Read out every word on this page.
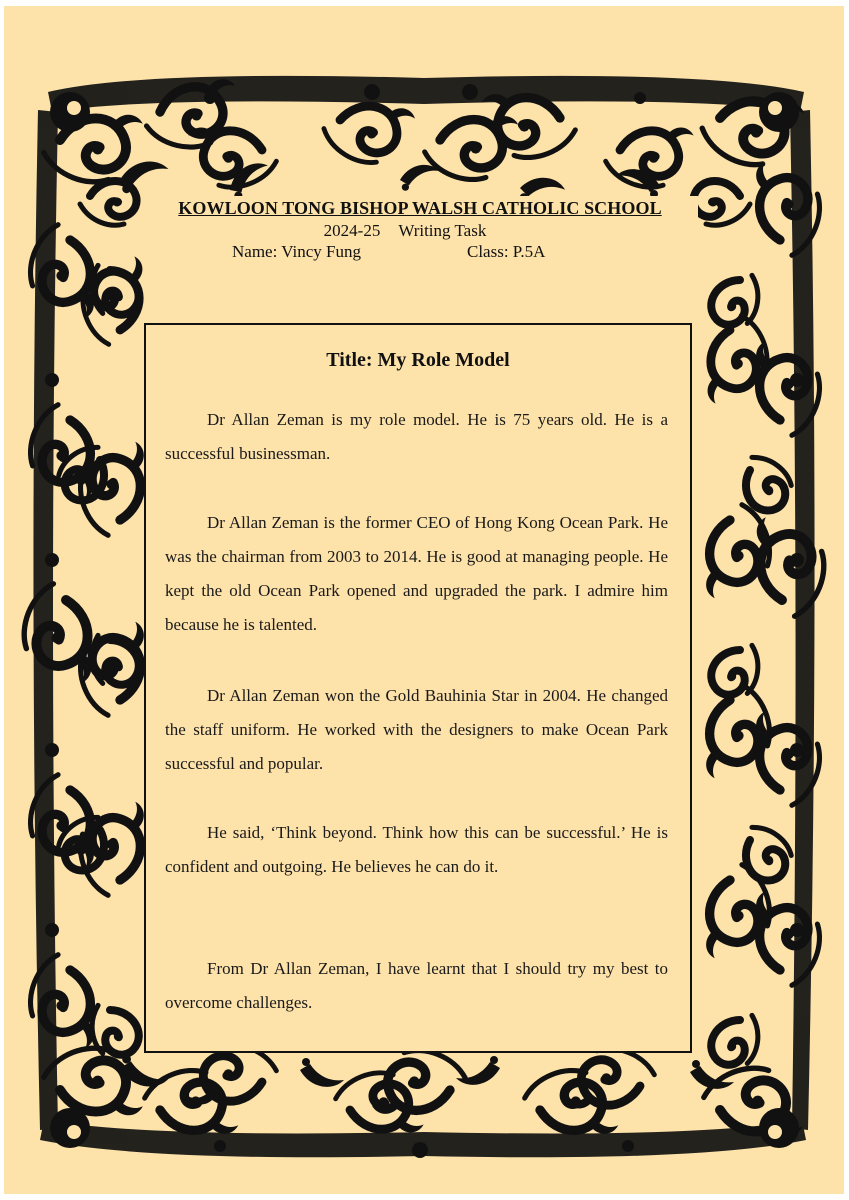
KOWLOON TONG BISHOP WALSH CATHOLIC SCHOOL
2024-25 Writing Task
Name: Vincy Fung	Class: P.5A
Title: My Role Model

Dr Allan Zeman is my role model. He is 75 years old. He is a successful businessman.

Dr Allan Zeman is the former CEO of Hong Kong Ocean Park. He was the chairman from 2003 to 2014. He is good at managing people. He kept the old Ocean Park opened and upgraded the park. I admire him because he is talented.

Dr Allan Zeman won the Gold Bauhinia Star in 2004. He changed the staff uniform. He worked with the designers to make Ocean Park successful and popular.

He said, ‘Think beyond. Think how this can be successful.’ He is confident and outgoing. He believes he can do it.

From Dr Allan Zeman, I have learnt that I should try my best to overcome challenges.
